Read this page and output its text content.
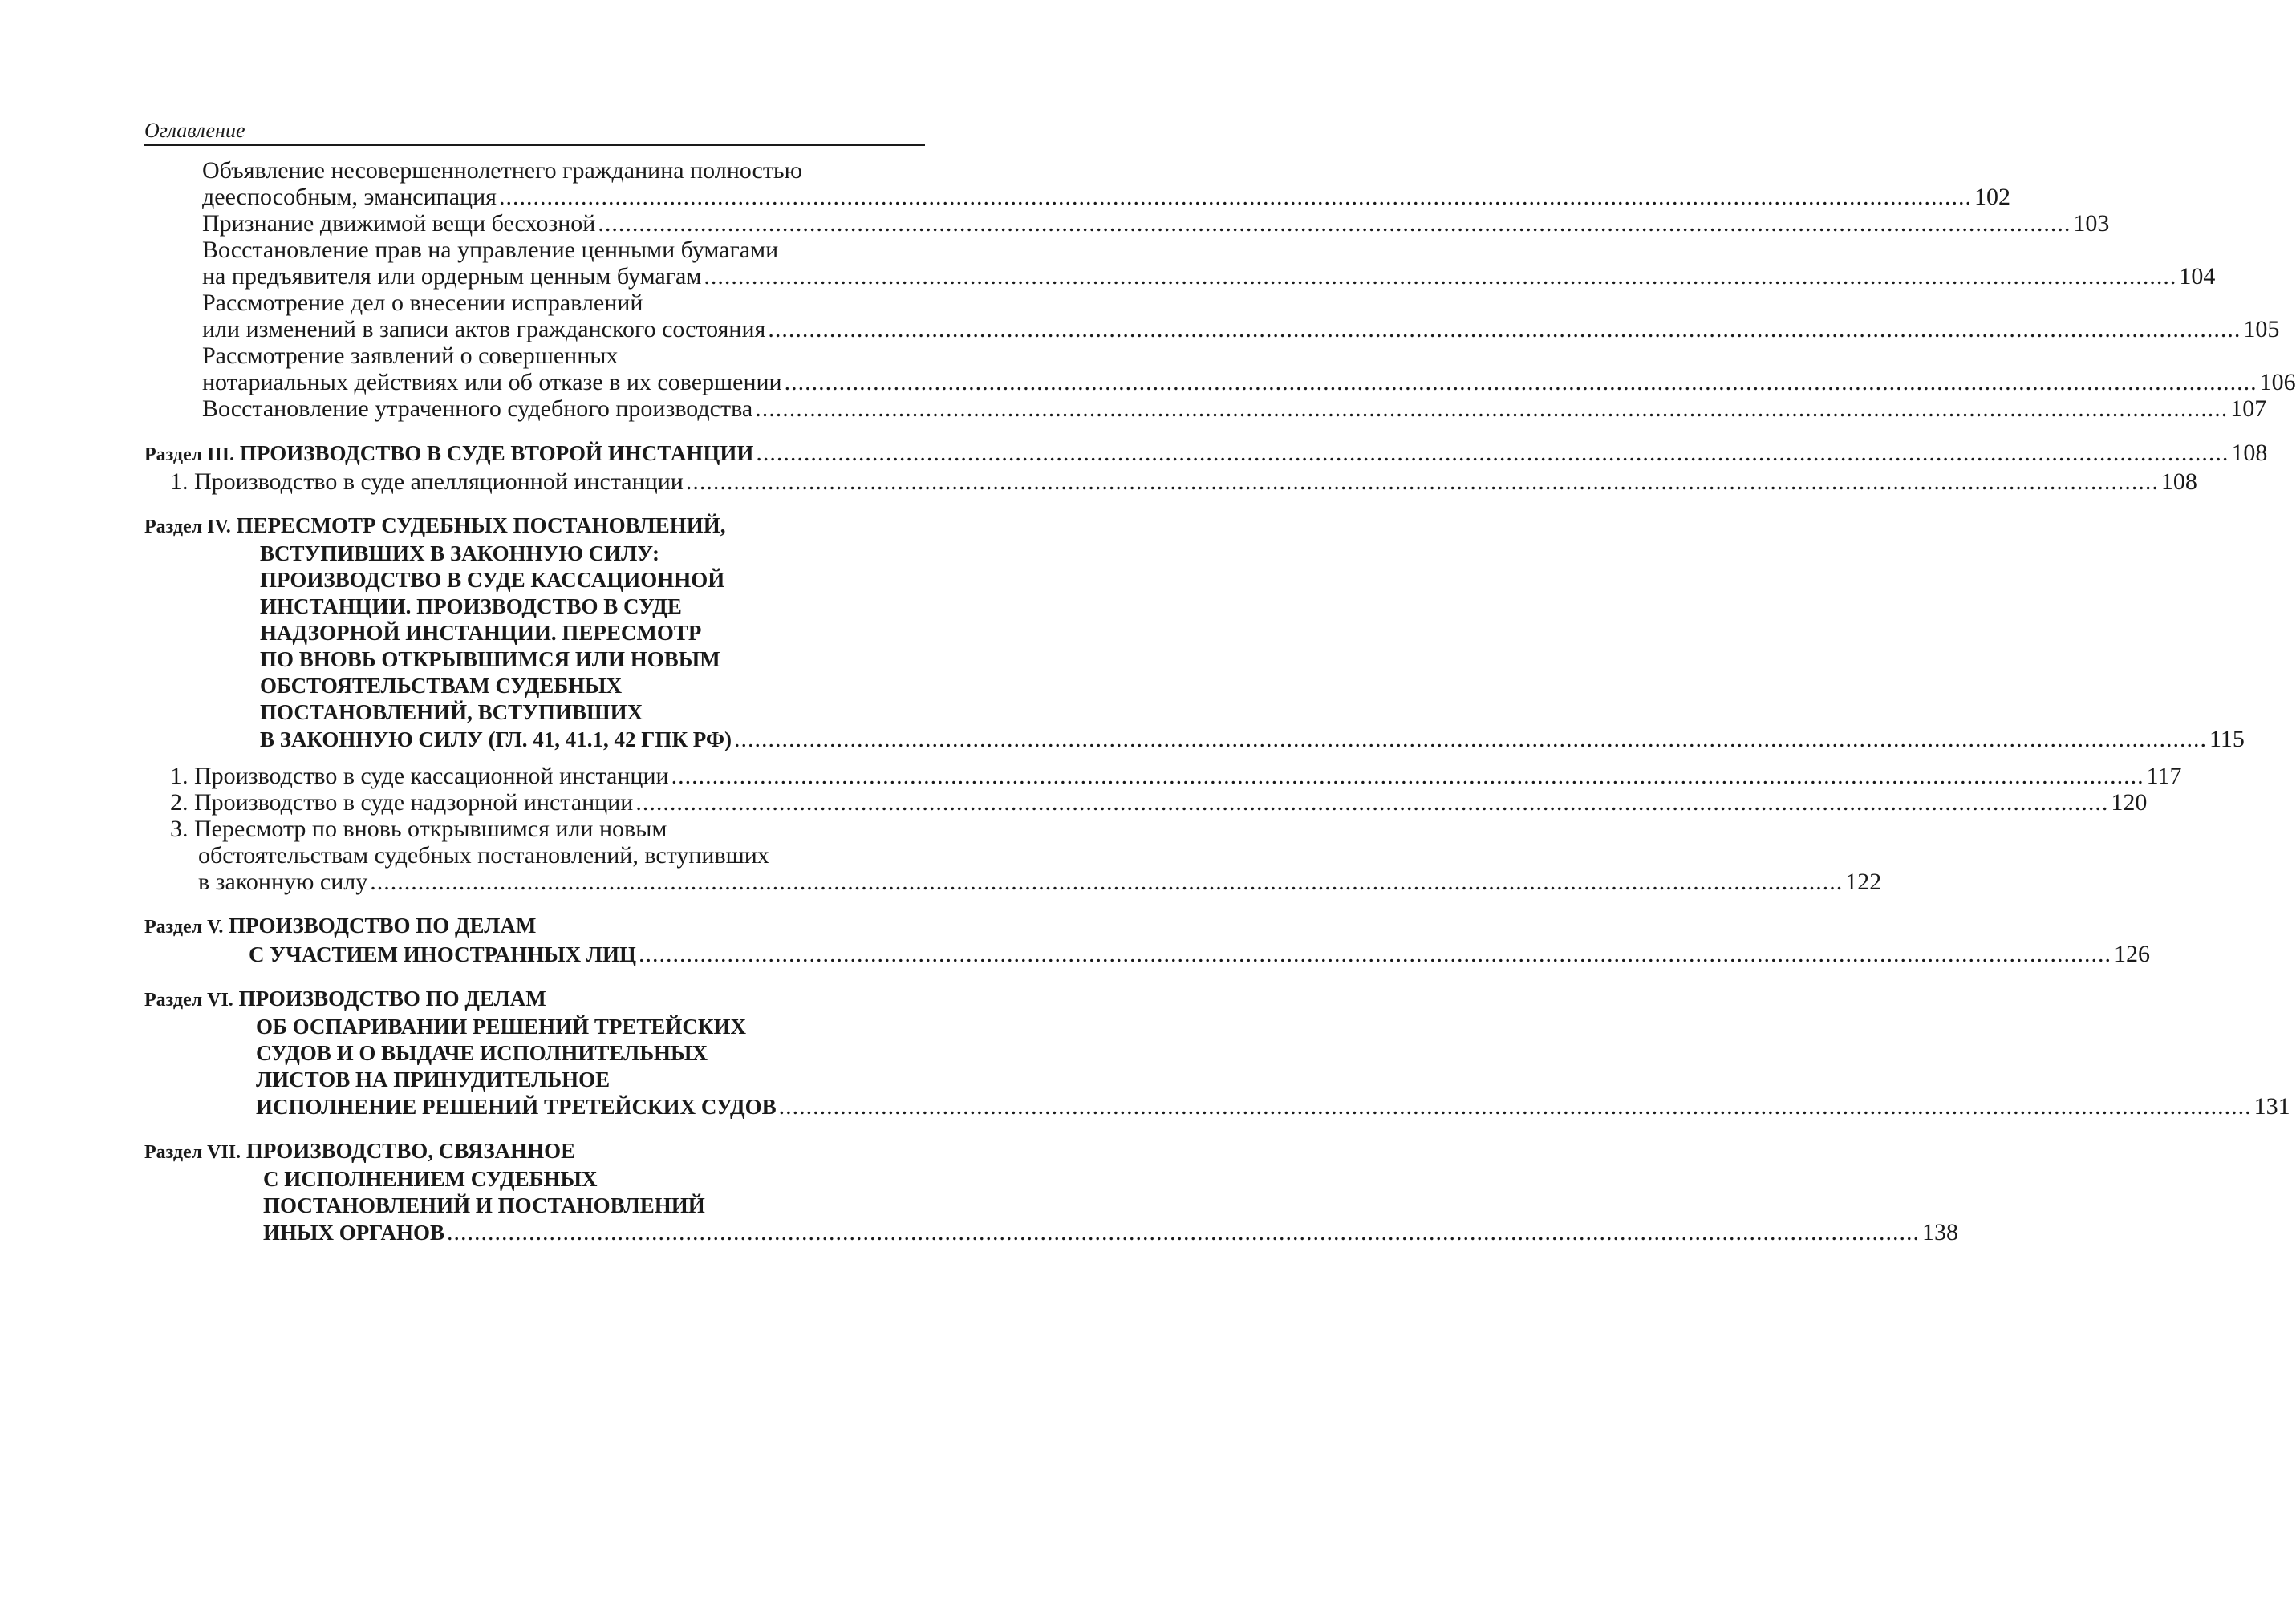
Оглавление
Объявление несовершеннолетнего гражданина полностью
дееспособным, эмансипация ........................................................................................................................................................................................................................ 102
Признание движимой вещи бесхозной ........................................................................................................................................................................................................................ 103
Восстановление прав на управление ценными бумагами
на предъявителя или ордерным ценным бумагам ........................................................................................................................................................................................................................ 104
Рассмотрение дел о внесении исправлений
или изменений в записи актов гражданского состояния ........................................................................................................................................................................................................................ 105
Рассмотрение заявлений о совершенных
нотариальных действиях или об отказе в их совершении ........................................................................................................................................................................................................................ 106
Восстановление утраченного судебного производства ........................................................................................................................................................................................................................ 107
Раздел III. ПРОИЗВОДСТВО В СУДЕ ВТОРОЙ ИНСТАНЦИИ ........................................................................................................................................................................................................................ 108
1. Производство в суде апелляционной инстанции ........................................................................................................................................................................................................................ 108
Раздел IV. ПЕРЕСМОТР СУДЕБНЫХ ПОСТАНОВЛЕНИЙ,
ВСТУПИВШИХ В ЗАКОННУЮ СИЛУ:
ПРОИЗВОДСТВО В СУДЕ КАССАЦИОННОЙ
ИНСТАНЦИИ. ПРОИЗВОДСТВО В СУДЕ
НАДЗОРНОЙ ИНСТАНЦИИ. ПЕРЕСМОТР
ПО ВНОВЬ ОТКРЫВШИМСЯ ИЛИ НОВЫМ
ОБСТОЯТЕЛЬСТВАМ СУДЕБНЫХ
ПОСТАНОВЛЕНИЙ, ВСТУПИВШИХ
В ЗАКОННУЮ СИЛУ (ГЛ. 41, 41.1, 42 ГПК РФ) ........................................................................................................................................................................................................................ 115
1. Производство в суде кассационной инстанции ........................................................................................................................................................................................................................ 117
2. Производство в суде надзорной инстанции ........................................................................................................................................................................................................................ 120
3. Пересмотр по вновь открывшимся или новым
обстоятельствам судебных постановлений, вступивших
в законную силу ........................................................................................................................................................................................................................ 122
Раздел V. ПРОИЗВОДСТВО ПО ДЕЛАМ
С УЧАСТИЕМ ИНОСТРАННЫХ ЛИЦ ........................................................................................................................................................................................................................ 126
Раздел VI. ПРОИЗВОДСТВО ПО ДЕЛАМ
ОБ ОСПАРИВАНИИ РЕШЕНИЙ ТРЕТЕЙСКИХ
СУДОВ И О ВЫДАЧЕ ИСПОЛНИТЕЛЬНЫХ
ЛИСТОВ НА ПРИНУДИТЕЛЬНОЕ
ИСПОЛНЕНИЕ РЕШЕНИЙ ТРЕТЕЙСКИХ СУДОВ ........................................................................................................................................................................................................................ 131
Раздел VII. ПРОИЗВОДСТВО, СВЯЗАННОЕ
С ИСПОЛНЕНИЕМ СУДЕБНЫХ
ПОСТАНОВЛЕНИЙ И ПОСТАНОВЛЕНИЙ
ИНЫХ ОРГАНОВ ........................................................................................................................................................................................................................ 138
